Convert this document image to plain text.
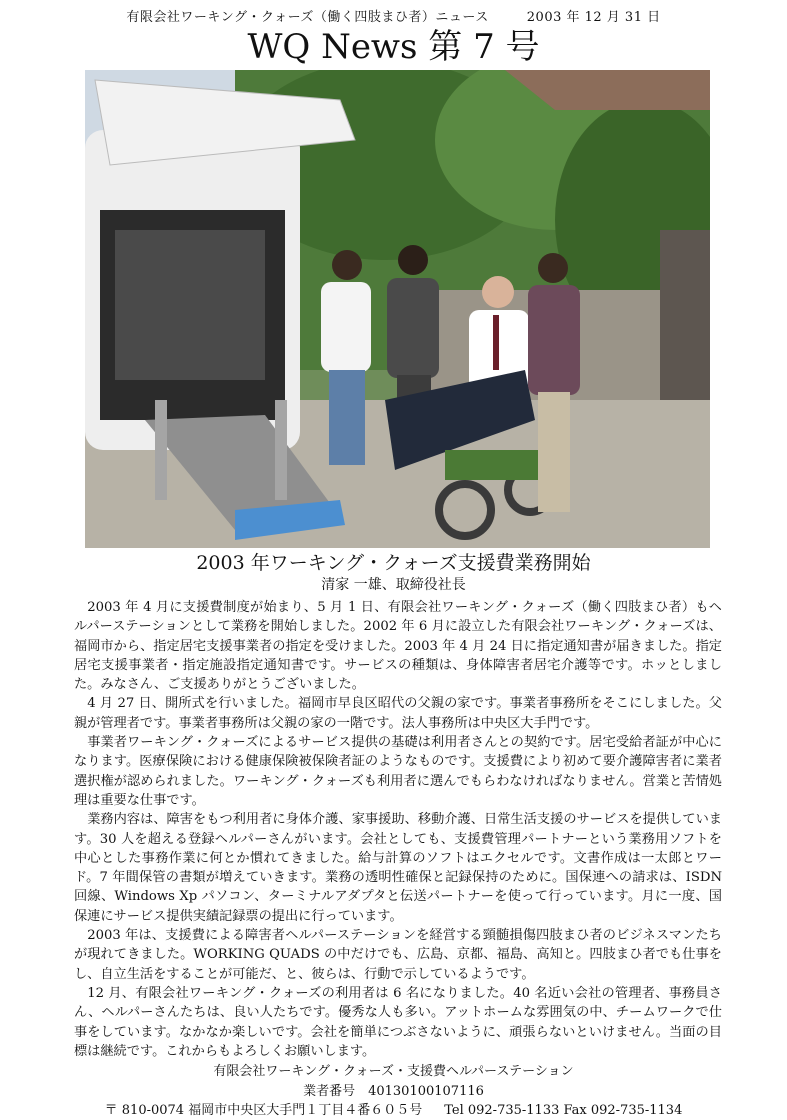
有限会社ワーキング・クォーズ（働く四肢まひ者）ニュース	2003 年 12 月 31 日
WQ News 第 7 号
2003 年ワーキング・クォーズ支援費業務開始
清家 一雄、取締役社長

2003 年 4 月に支援費制度が始まり、5 月 1 日、有限会社ワーキング・クォーズ（働く四肢まひ者）もヘルパーステーションとして業務を開始しました。2002 年 6 月に設立した有限会社ワーキング・クォーズは、福岡市から、指定居宅支援事業者の指定を受けました。2003 年 4 月 24 日に指定通知書が届きました。指定居宅支援事業者・指定施設指定通知書です。サービスの種類は、身体障害者居宅介護等です。ホッとしました。みなさん、ご支援ありがとうございました。

4 月 27 日、開所式を行いました。福岡市早良区昭代の父親の家です。事業者事務所をそこにしました。父親が管理者です。事業者事務所は父親の家の一階です。法人事務所は中央区大手門です。

事業者ワーキング・クォーズによるサービス提供の基礎は利用者さんとの契約です。居宅受給者証が中心になります。医療保険における健康保険被保険者証のようなものです。支援費により初めて要介護障害者に業者選択権が認められました。ワーキング・クォーズも利用者に選んでもらわなければなりません。営業と苦情処理は重要な仕事です。

業務内容は、障害をもつ利用者に身体介護、家事援助、移動介護、日常生活支援のサービスを提供しています。30 人を超える登録ヘルパーさんがいます。会社としても、支援費管理パートナーという業務用ソフトを中心とした事務作業に何とか慣れてきました。給与計算のソフトはエクセルです。文書作成は一太郎とワード。7 年間保管の書類が増えていきます。業務の透明性確保と記録保持のために。国保連への請求は、ISDN 回線、Windows Xp パソコン、ターミナルアダプタと伝送パートナーを使って行っています。月に一度、国保連にサービス提供実績記録票の提出に行っています。

2003 年は、支援費による障害者ヘルパーステーションを経営する頸髄損傷四肢まひ者のビジネスマンたちが現れてきました。WORKING QUADS の中だけでも、広島、京都、福島、高知と。四肢まひ者でも仕事をし、自立生活をすることが可能だ、と、彼らは、行動で示しているようです。

12 月、有限会社ワーキング・クォーズの利用者は 6 名になりました。40 名近い会社の管理者、事務員さん、ヘルパーさんたちは、良い人たちです。優秀な人も多い。アットホームな雰囲気の中、チームワークで仕事をしています。なかなか楽しいです。会社を簡単につぶさないように、頑張らないといけません。当面の目標は継続です。これからもよろしくお願いします。

有限会社ワーキング・クォーズ・支援費ヘルパーステーション
業者番号　40130100107116
〒 810-0074 福岡市中央区大手門１丁目４番６０５号 Tel 092-735-1133 Fax 092-735-1134
